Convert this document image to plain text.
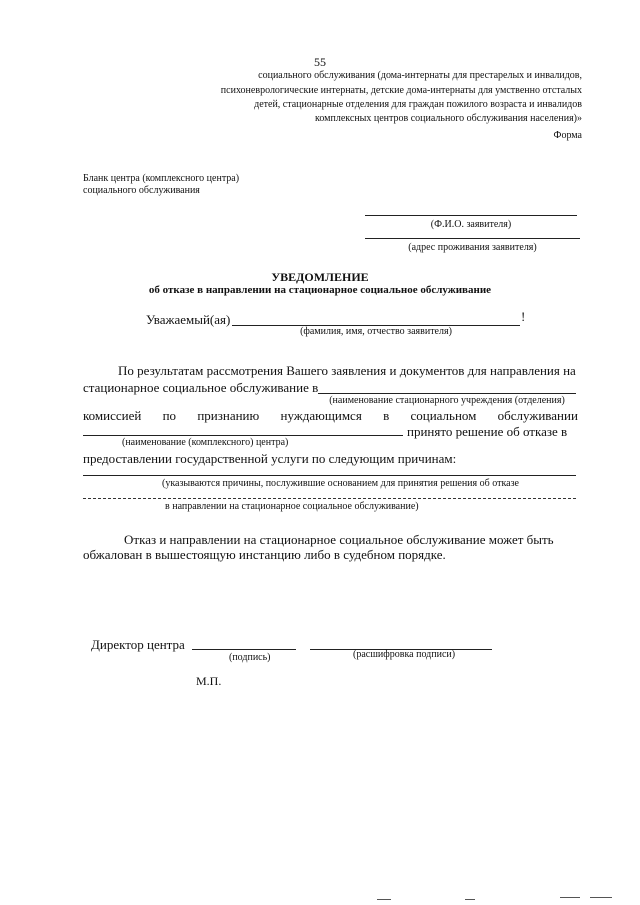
55
социального обслуживания (дома-интернаты для престарелых и инвалидов,
психоневрологические интернаты, детские дома-интернаты для умственно отсталых
детей, стационарные отделения для граждан пожилого возраста и инвалидов
комплексных центров социального обслуживания населения)»
Форма
Бланк центра (комплексного центра)
социального обслуживания
(Ф.И.О. заявителя)
(адрес проживания заявителя)
УВЕДОМЛЕНИЕ
об отказе в направлении на стационарное социальное обслуживание
Уважаемый(ая)	!
(фамилия, имя, отчество заявителя)
По результатам рассмотрения Вашего заявления и документов для направления на
стационарное социальное обслуживание в
(наименование стационарного учреждения (отделения)
комиссией по признанию нуждающимся в социальном обслуживании
принято решение об отказе в
(наименование (комплексного) центра)
предоставлении государственной услуги по следующим причинам:
(указываются причины, послужившие основанием для принятия решения об отказе
в направлении на стационарное социальное обслуживание)
Отказ и направлении на стационарное социальное обслуживание может быть
обжалован в вышестоящую инстанцию либо в судебном порядке.
Директор центра
(подпись)	(расшифровка подписи)
М.П.
